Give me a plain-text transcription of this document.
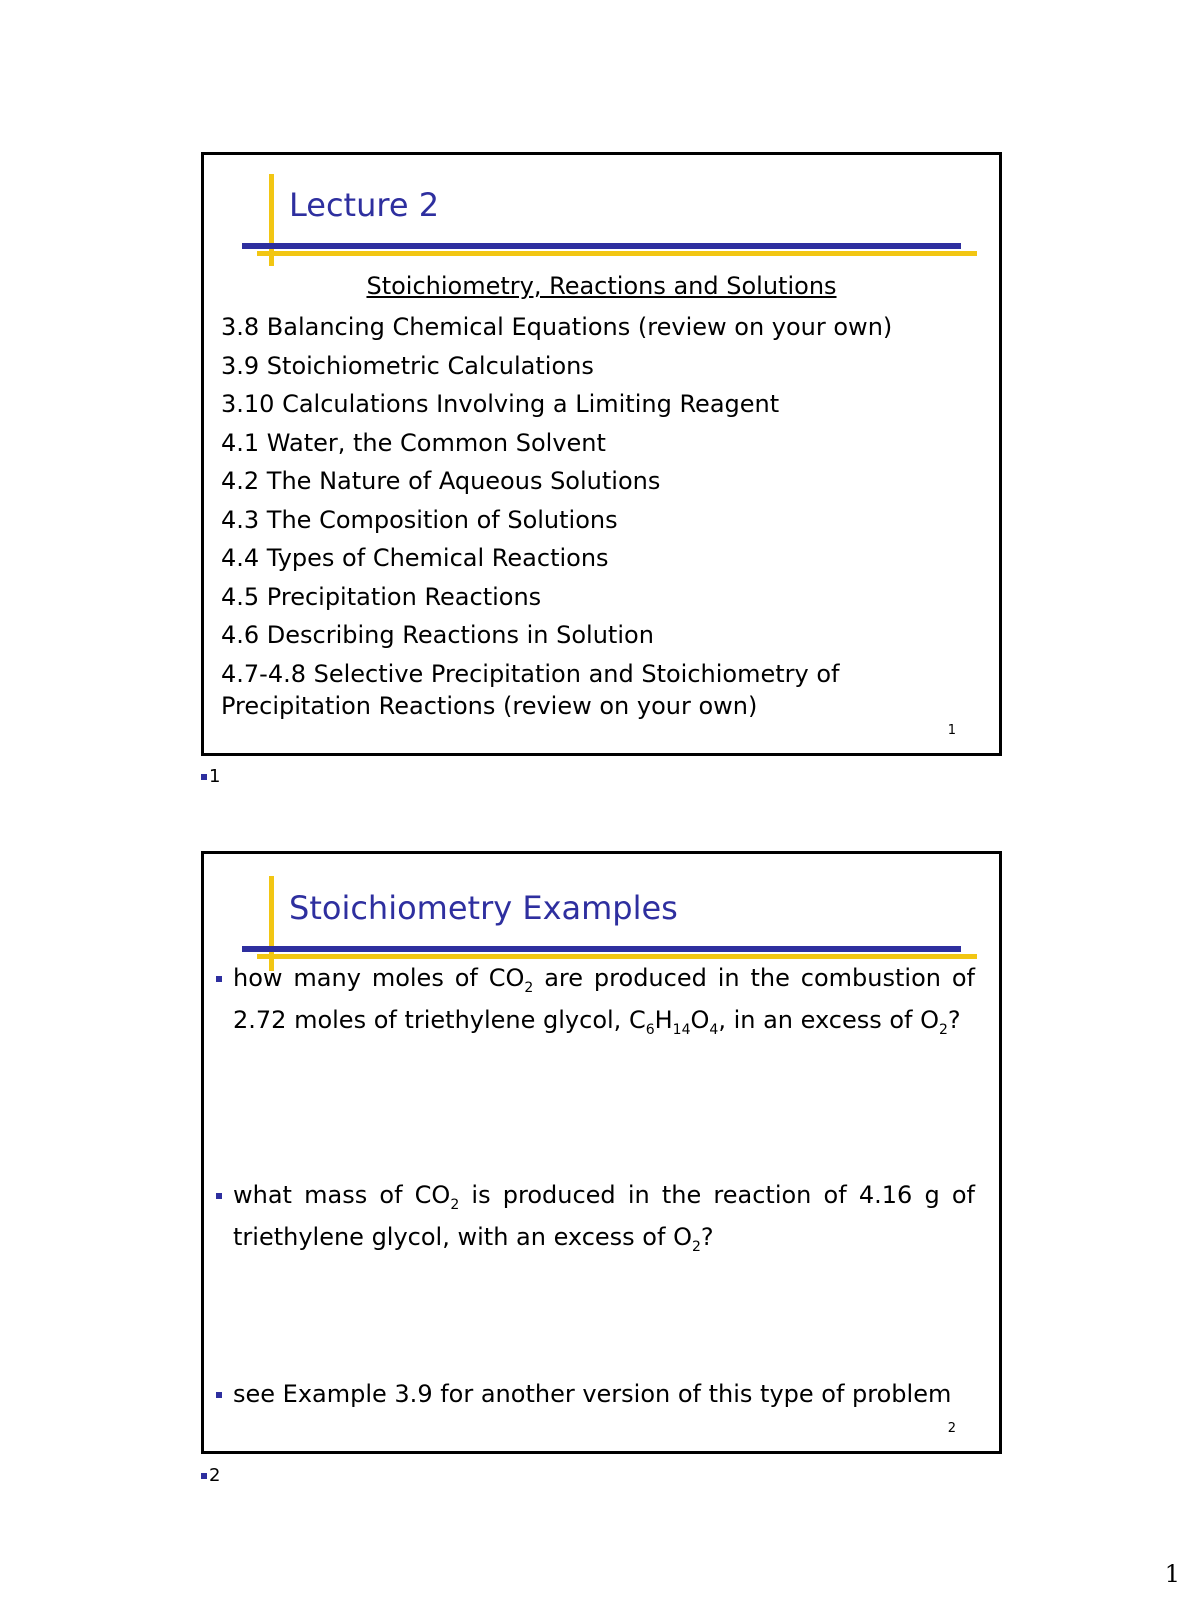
Lecture 2
Stoichiometry, Reactions and Solutions
3.8 Balancing Chemical Equations (review on your own)
3.9 Stoichiometric Calculations
3.10 Calculations Involving a Limiting Reagent
4.1 Water, the Common Solvent
4.2 The Nature of Aqueous Solutions
4.3 The Composition of Solutions
4.4 Types of Chemical Reactions
4.5 Precipitation Reactions
4.6 Describing Reactions in Solution
4.7-4.8 Selective Precipitation and Stoichiometry of Precipitation Reactions (review on your own)
1
1
Stoichiometry Examples
how many moles of $CO_2$ are produced in the combustion of 2.72 moles of triethylene glycol, $C_6H_{14}O_4$, in an excess of $O_2$?
what mass of $CO_2$ is produced in the reaction of 4.16 g of triethylene glycol, with an excess of $O_2$?
see Example 3.9 for another version of this type of problem
2
2
1
